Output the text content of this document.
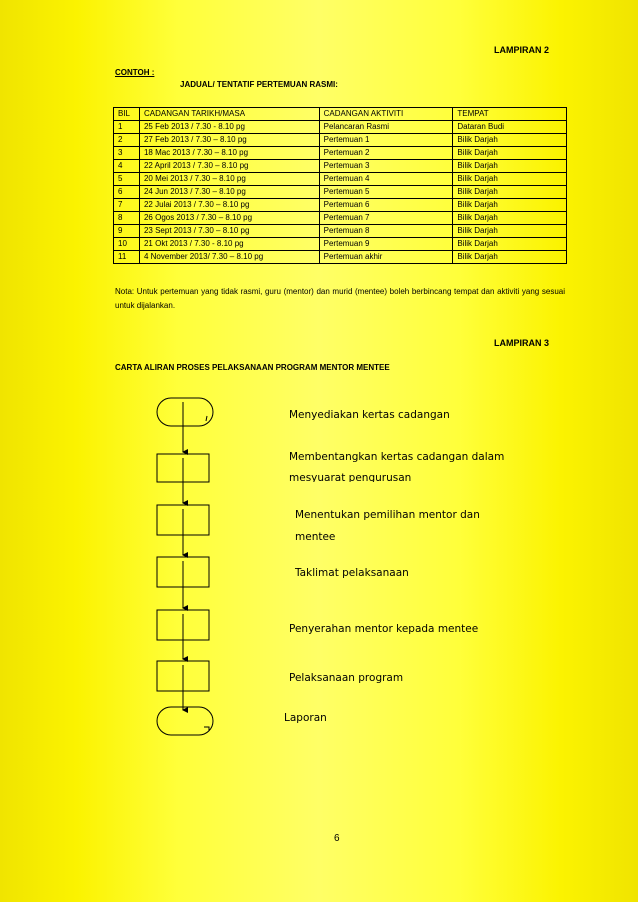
LAMPIRAN 2
CONTOH :
JADUAL/ TENTATIF PERTEMUAN RASMI:
BIL	CADANGAN TARIKH/MASA	CADANGAN AKTIVITI	TEMPAT
1	25 Feb 2013 / 7.30 - 8.10 pg	Pelancaran Rasmi	Dataran Budi
2	27 Feb 2013 / 7.30 – 8.10 pg	Pertemuan 1	Bilik Darjah
3	18 Mac 2013 / 7.30 – 8.10 pg	Pertemuan 2	Bilik Darjah
4	22 April 2013 / 7.30 – 8.10 pg	Pertemuan 3	Bilik Darjah
5	20 Mei 2013 / 7.30 – 8.10 pg	Pertemuan 4	Bilik Darjah
6	24 Jun 2013 / 7.30 – 8.10 pg	Pertemuan 5	Bilik Darjah
7	22 Julai 2013 / 7.30 – 8.10 pg	Pertemuan 6	Bilik Darjah
8	26 Ogos 2013 / 7.30 – 8.10 pg	Pertemuan 7	Bilik Darjah
9	23 Sept 2013 / 7.30 – 8.10 pg	Pertemuan 8	Bilik Darjah
10	21 Okt 2013 / 7.30 - 8.10 pg	Pertemuan 9	Bilik Darjah
11	4 November 2013/ 7.30 – 8.10 pg	Pertemuan akhir	Bilik Darjah
Nota: Untuk pertemuan yang tidak rasmi, guru (mentor) dan murid (mentee) boleh berbincang tempat dan aktiviti yang sesuai untuk dijalankan.
LAMPIRAN 3
CARTA ALIRAN PROSES PELAKSANAAN PROGRAM MENTOR MENTEE
Menyediakan kertas cadangan
Membentangkan kertas cadangan dalam
mesyuarat pengurusan
Menentukan pemilihan mentor dan
mentee
Taklimat pelaksanaan
Penyerahan mentor kepada mentee
Pelaksanaan program
Laporan
6
